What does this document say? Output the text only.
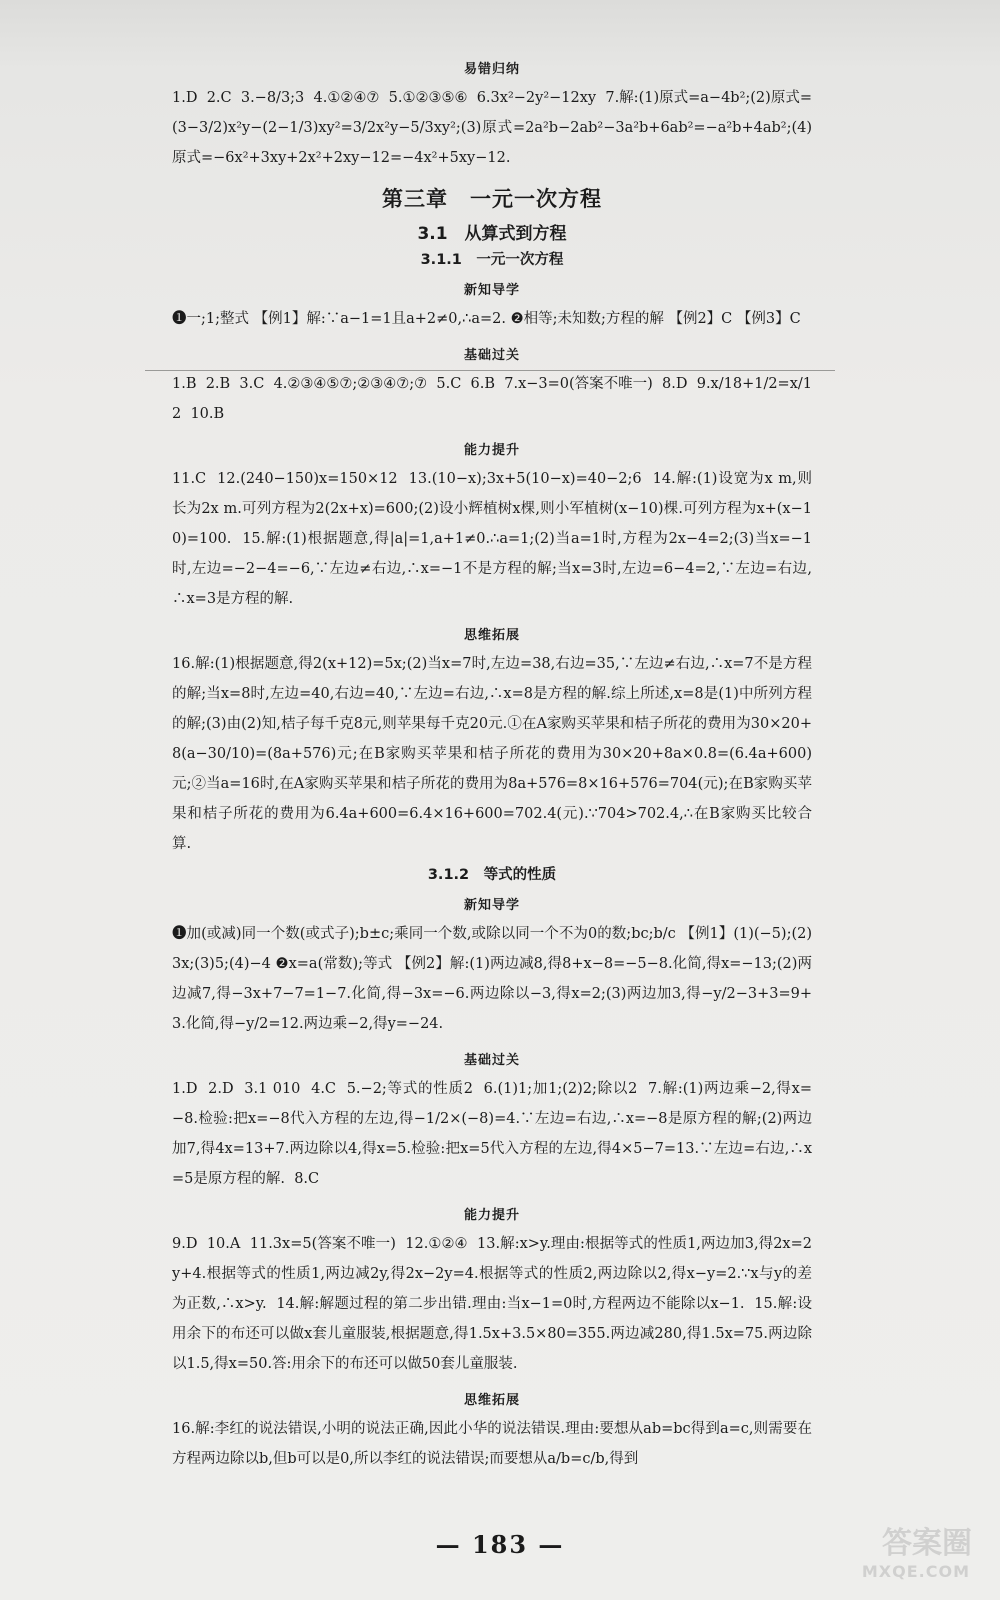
易错归纳
1.D  2.C  3.−8/3;3  4.①②④⑦  5.①②③⑤⑥  6.3x²−2y²−12xy  7.解:(1)原式=a−4b²;(2)原式=(3−3/2)x²y−(2−1/3)xy²=3/2x²y−5/3xy²;(3)原式=2a²b−2ab²−3a²b+6ab²=−a²b+4ab²;(4)原式=−6x²+3xy+2x²+2xy−12=−4x²+5xy−12.
第三章　一元一次方程
3.1　从算式到方程
3.1.1　一元一次方程
新知导学
❶一;1;整式 【例1】解:∵a−1=1且a+2≠0,∴a=2. ❷相等;未知数;方程的解 【例2】C 【例3】C
基础过关
1.B  2.B  3.C  4.②③④⑤⑦;②③④⑦;⑦  5.C  6.B  7.x−3=0(答案不唯一)  8.D  9.x/18+1/2=x/12  10.B
能力提升
11.C  12.(240−150)x=150×12  13.(10−x);3x+5(10−x)=40−2;6  14.解:(1)设宽为x m,则长为2x m.可列方程为2(2x+x)=600;(2)设小辉植树x棵,则小军植树(x−10)棵.可列方程为x+(x−10)=100.  15.解:(1)根据题意,得|a|=1,a+1≠0.∴a=1;(2)当a=1时,方程为2x−4=2;(3)当x=−1时,左边=−2−4=−6,∵左边≠右边,∴x=−1不是方程的解;当x=3时,左边=6−4=2,∵左边=右边,∴x=3是方程的解.
思维拓展
16.解:(1)根据题意,得2(x+12)=5x;(2)当x=7时,左边=38,右边=35,∵左边≠右边,∴x=7不是方程的解;当x=8时,左边=40,右边=40,∵左边=右边,∴x=8是方程的解.综上所述,x=8是(1)中所列方程的解;(3)由(2)知,桔子每千克8元,则苹果每千克20元.①在A家购买苹果和桔子所花的费用为30×20+8(a−30/10)=(8a+576)元;在B家购买苹果和桔子所花的费用为30×20+8a×0.8=(6.4a+600)元;②当a=16时,在A家购买苹果和桔子所花的费用为8a+576=8×16+576=704(元);在B家购买苹果和桔子所花的费用为6.4a+600=6.4×16+600=702.4(元).∵704>702.4,∴在B家购买比较合算.
3.1.2　等式的性质
新知导学
❶加(或减)同一个数(或式子);b±c;乘同一个数,或除以同一个不为0的数;bc;b/c 【例1】(1)(−5);(2)3x;(3)5;(4)−4 ❷x=a(常数);等式 【例2】解:(1)两边减8,得8+x−8=−5−8.化简,得x=−13;(2)两边减7,得−3x+7−7=1−7.化简,得−3x=−6.两边除以−3,得x=2;(3)两边加3,得−y/2−3+3=9+3.化简,得−y/2=12.两边乘−2,得y=−24.
基础过关
1.D  2.D  3.1 010  4.C  5.−2;等式的性质2  6.(1)1;加1;(2)2;除以2  7.解:(1)两边乘−2,得x=−8.检验:把x=−8代入方程的左边,得−1/2×(−8)=4.∵左边=右边,∴x=−8是原方程的解;(2)两边加7,得4x=13+7.两边除以4,得x=5.检验:把x=5代入方程的左边,得4×5−7=13.∵左边=右边,∴x=5是原方程的解.  8.C
能力提升
9.D  10.A  11.3x=5(答案不唯一)  12.①②④  13.解:x>y.理由:根据等式的性质1,两边加3,得2x=2y+4.根据等式的性质1,两边减2y,得2x−2y=4.根据等式的性质2,两边除以2,得x−y=2.∵x与y的差为正数,∴x>y.  14.解:解题过程的第二步出错.理由:当x−1=0时,方程两边不能除以x−1.  15.解:设用余下的布还可以做x套儿童服装,根据题意,得1.5x+3.5×80=355.两边减280,得1.5x=75.两边除以1.5,得x=50.答:用余下的布还可以做50套儿童服装.
思维拓展
16.解:李红的说法错误,小明的说法正确,因此小华的说法错误.理由:要想从ab=bc得到a=c,则需要在方程两边除以b,但b可以是0,所以李红的说法错误;而要想从a/b=c/b,得到
— 183 —	答案圈
MXQE.COM
